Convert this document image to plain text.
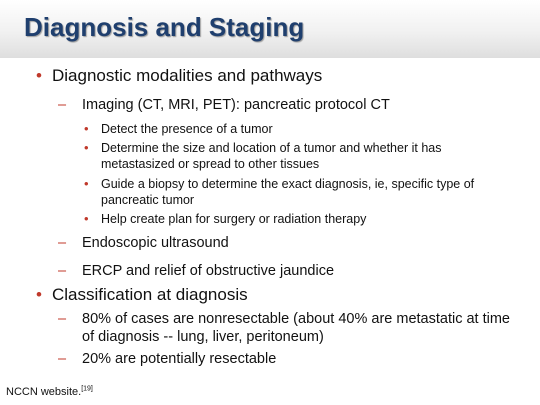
Diagnosis and Staging
• Diagnostic modalities and pathways
– Imaging (CT, MRI, PET): pancreatic protocol CT
• Detect the presence of a tumor
• Determine the size and location of a tumor and whether it has metastasized or spread to other tissues
• Guide a biopsy to determine the exact diagnosis, ie, specific type of pancreatic tumor
• Help create plan for surgery or radiation therapy
– Endoscopic ultrasound
– ERCP and relief of obstructive jaundice
• Classification at diagnosis
– 80% of cases are nonresectable (about 40% are metastatic at time of diagnosis -- lung, liver, peritoneum)
– 20% are potentially resectable
NCCN website.[19]
